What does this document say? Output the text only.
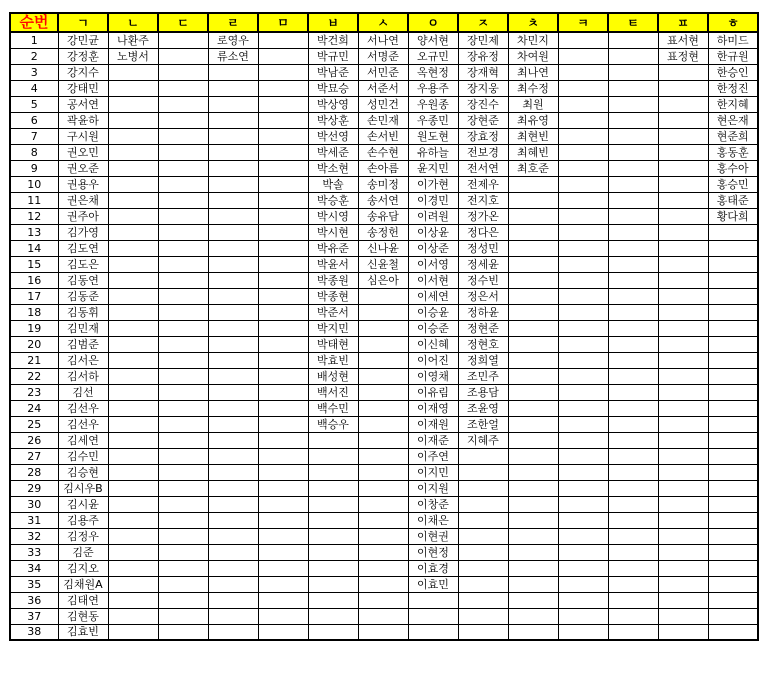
순번	ㄱ	ㄴ	ㄷ	ㄹ	ㅁ	ㅂ	ㅅ	ㅇ	ㅈ	ㅊ	ㅋ	ㅌ	ㅍ	ㅎ
1	강민균	나환주		로영우		박건희	서나연	양서현	장민제	차민지			표서현	하미드
2	강정훈	노병서		류소연		박규민	서명준	오규민	장유정	차여원			표정현	한규원
3	강지수					박남준	서민준	옥현정	장재혁	최나연				한승인
4	강태민					박묘승	서준서	우용주	장지웅	최수정				한정진
5	공서연					박상영	성민건	우원종	장진수	최원				한지혜
6	곽윤하					박상훈	손민재	우종민	장현준	최유영				현은재
7	구시원					박선영	손서빈	원도현	장효정	최현빈				현준희
8	권오민					박세준	손수현	유하늘	전보경	최혜빈				홍동훈
9	권오준					박소현	손아름	윤지민	전서연	최호준				홍수아
10	권용우					박솔	송미정	이가현	전제우					홍승민
11	권은채					박승훈	송서연	이경민	전지호					홍태준
12	권주아					박시영	송유담	이려원	정가온					황다희
13	김가영					박시현	송정헌	이상윤	정다은					
14	김도연					박유준	신나윤	이상준	정성민					
15	김도은					박윤서	신윤철	이서영	정세윤					
16	김동연					박종원	심은아	이서현	정수빈					
17	김동준					박종현		이세연	정은서					
18	김동휘					박준서		이승윤	정하윤					
19	김민재					박지민		이승준	정현준					
20	김범준					박태현		이신혜	정현호					
21	김서은					박효빈		이어진	정희열					
22	김서하					배성현		이영채	조민주					
23	김선					백서진		이유림	조용담					
24	김선우					백수민		이재영	조윤영					
25	김선우					백승우		이재원	조한얼					
26	김세연							이재준	지혜주					
27	김수민							이주연						
28	김승현							이지민						
29	김시우B							이지원						
30	김시윤							이창준						
31	김용주							이채은						
32	김정우							이현권						
33	김준							이현정						
34	김지오							이효경						
35	김채원A							이효민						
36	김태연													
37	김현동													
38	김효빈													
